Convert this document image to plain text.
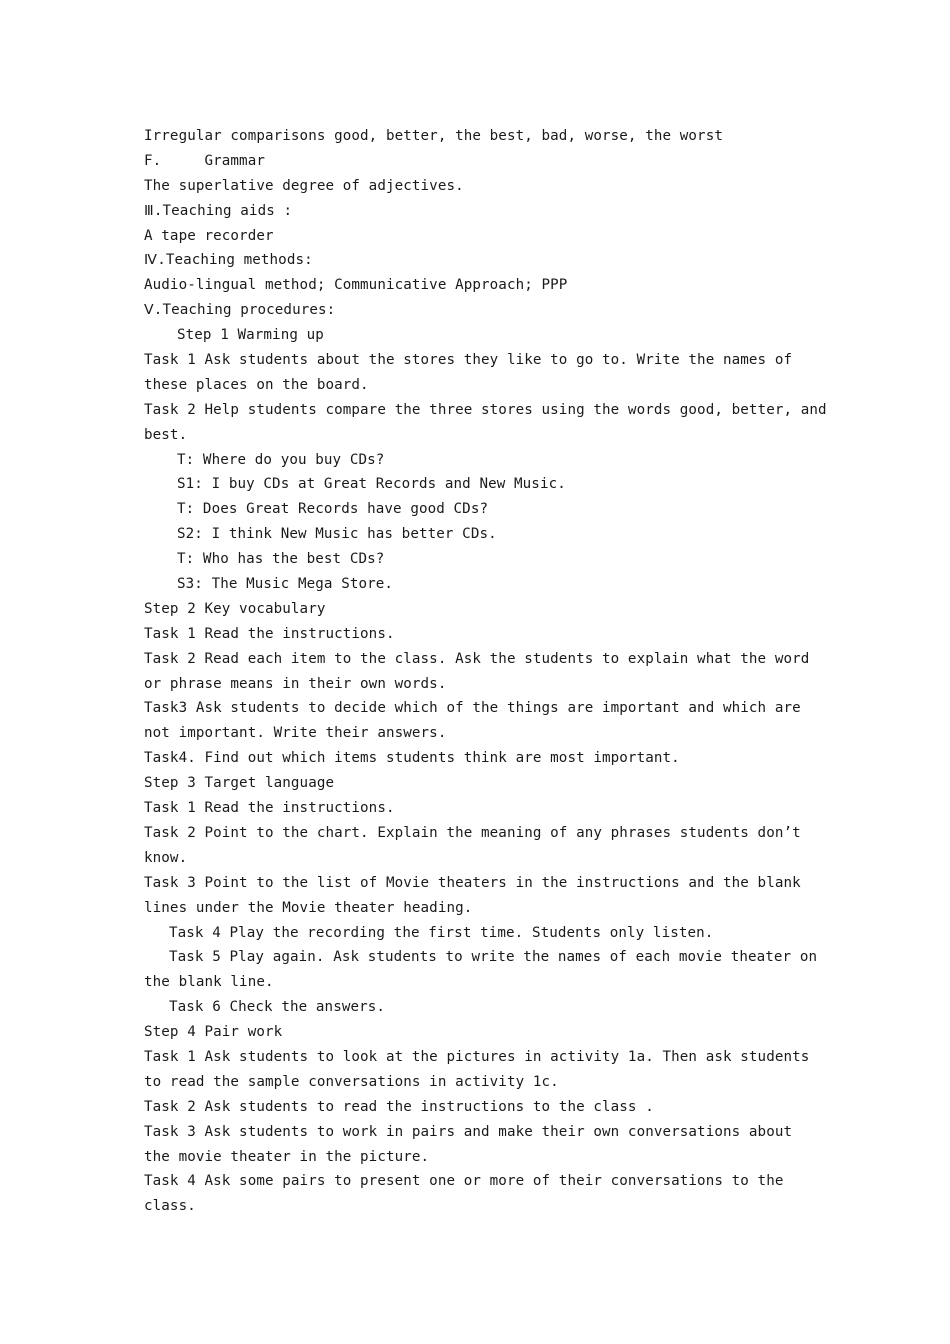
Irregular comparisons good, better, the best, bad, worse, the worst
F.     Grammar
The superlative degree of adjectives.
Ⅲ.Teaching aids :
A tape recorder
Ⅳ.Teaching methods:
Audio-lingual method; Communicative Approach; PPP
Ⅴ.Teaching procedures:
Step 1 Warming up
Task 1 Ask students about the stores they like to go to. Write the names of
these places on the board.
Task 2 Help students compare the three stores using the words good, better, and
best.
T: Where do you buy CDs?
S1: I buy CDs at Great Records and New Music.
T: Does Great Records have good CDs?
S2: I think New Music has better CDs.
T: Who has the best CDs?
S3: The Music Mega Store.
Step 2 Key vocabulary
Task 1 Read the instructions.
Task 2 Read each item to the class. Ask the students to explain what the word
or phrase means in their own words.
Task3 Ask students to decide which of the things are important and which are
not important. Write their answers.
Task4. Find out which items students think are most important.
Step 3 Target language
Task 1 Read the instructions.
Task 2 Point to the chart. Explain the meaning of any phrases students don’t
know.
Task 3 Point to the list of Movie theaters in the instructions and the blank
lines under the Movie theater heading.
Task 4 Play the recording the first time. Students only listen.
Task 5 Play again. Ask students to write the names of each movie theater on
the blank line.
Task 6 Check the answers.
Step 4 Pair work
Task 1 Ask students to look at the pictures in activity 1a. Then ask students
to read the sample conversations in activity 1c.
Task 2 Ask students to read the instructions to the class .
Task 3 Ask students to work in pairs and make their own conversations about
the movie theater in the picture.
Task 4 Ask some pairs to present one or more of their conversations to the
class.
